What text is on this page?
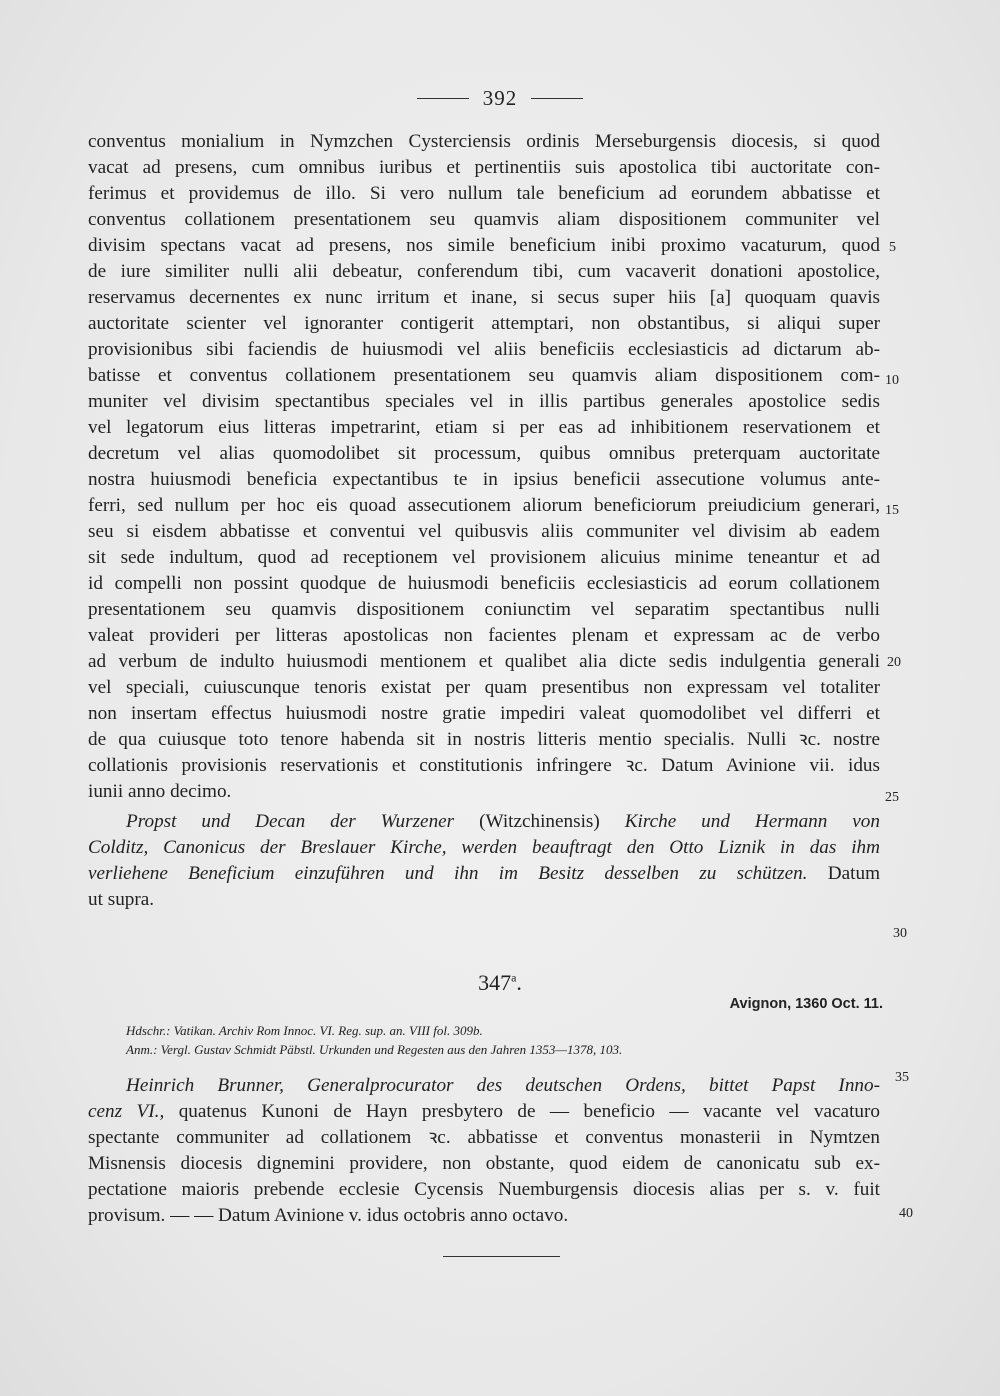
392
conventus monialium in Nymzchen Cysterciensis ordinis Merseburgensis diocesis, si quod
vacat ad presens, cum omnibus iuribus et pertinentiis suis apostolica tibi auctoritate con-
ferimus et providemus de illo. Si vero nullum tale beneficium ad eorundem abbatisse et
conventus collationem presentationem seu quamvis aliam dispositionem communiter vel
divisim spectans vacat ad presens, nos simile beneficium inibi proximo vacaturum, quod
de iure similiter nulli alii debeatur, conferendum tibi, cum vacaverit donationi apostolice,
reservamus decernentes ex nunc irritum et inane, si secus super hiis [a] quoquam quavis
auctoritate scienter vel ignoranter contigerit attemptari, non obstantibus, si aliqui super
provisionibus sibi faciendis de huiusmodi vel aliis beneficiis ecclesiasticis ad dictarum ab-
batisse et conventus collationem presentationem seu quamvis aliam dispositionem com-
muniter vel divisim spectantibus speciales vel in illis partibus generales apostolice sedis
vel legatorum eius litteras impetrarint, etiam si per eas ad inhibitionem reservationem et
decretum vel alias quomodolibet sit processum, quibus omnibus preterquam auctoritate
nostra huiusmodi beneficia expectantibus te in ipsius beneficii assecutione volumus ante-
ferri, sed nullum per hoc eis quoad assecutionem aliorum beneficiorum preiudicium generari,
seu si eisdem abbatisse et conventui vel quibusvis aliis communiter vel divisim ab eadem
sit sede indultum, quod ad receptionem vel provisionem alicuius minime teneantur et ad
id compelli non possint quodque de huiusmodi beneficiis ecclesiasticis ad eorum collationem
presentationem seu quamvis dispositionem coniunctim vel separatim spectantibus nulli
valeat provideri per litteras apostolicas non facientes plenam et expressam ac de verbo
ad verbum de indulto huiusmodi mentionem et qualibet alia dicte sedis indulgentia generali
vel speciali, cuiuscunque tenoris existat per quam presentibus non expressam vel totaliter
non insertam effectus huiusmodi nostre gratie impediri valeat quomodolibet vel differri et
de qua cuiusque toto tenore habenda sit in nostris litteris mentio specialis. Nulli ꝛc. nostre
collationis provisionis reservationis et constitutionis infringere ꝛc. Datum Avinione vii. idus
iunii anno decimo.
Propst und Decan der Wurzener (Witzchinensis) Kirche und Hermann von
Colditz, Canonicus der Breslauer Kirche, werden beauftragt den Otto Liznik in das ihm
verliehene Beneficium einzuführen und ihn im Besitz desselben zu schützen. Datum
ut supra.
347$^a$.
Avignon, 1360 Oct. 11.
Hdschr.: Vatikan. Archiv Rom Innoc. VI. Reg. sup. an. VIII fol. 309b.
Anm.: Vergl. Gustav Schmidt Päbstl. Urkunden und Regesten aus den Jahren 1353—1378, 103.
Heinrich Brunner, Generalprocurator des deutschen Ordens, bittet Papst Inno-
cenz VI., quatenus Kunoni de Hayn presbytero de — beneficio — vacante vel vacaturo
spectante communiter ad collationem ꝛc. abbatisse et conventus monasterii in Nymtzen
Misnensis diocesis dignemini providere, non obstante, quod eidem de canonicatu sub ex-
pectatione maioris prebende ecclesie Cycensis Nuemburgensis diocesis alias per s. v. fuit
provisum. — — Datum Avinione v. idus octobris anno octavo.
5
10
15
20
25
30
35
40
